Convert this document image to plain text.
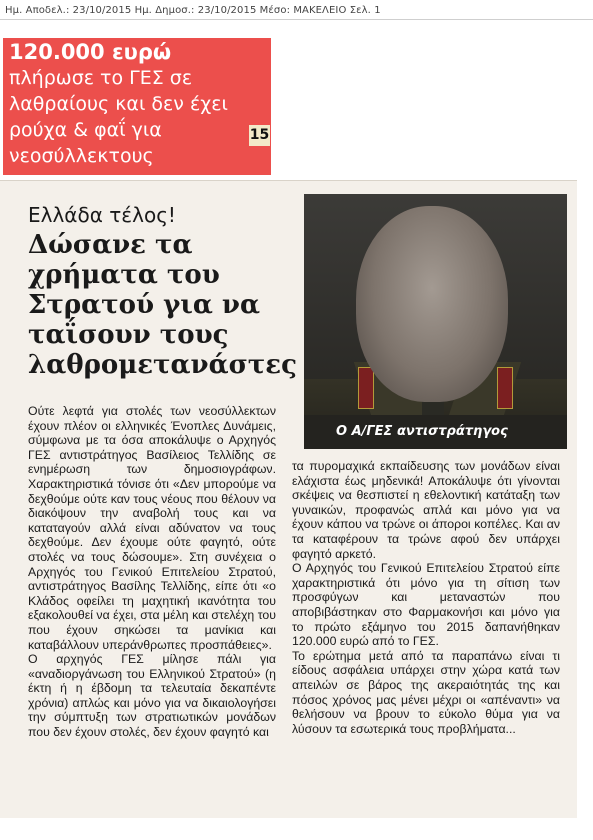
Ημ. Αποδελ.: 23/10/2015 Ημ. Δημοσ.: 23/10/2015 Μέσο: ΜΑΚΕΛΕΙΟ Σελ. 1
120.000 ευρώ
πλήρωσε το ΓΕΣ σε λαθραίους και δεν έχει ρούχα & φαΐ για νεοσύλλεκτους
15
Ελλάδα τέλος!
Δώσανε τα χρήματα του Στρατού για να ταΐσουν τους λαθρομετανάστες
Ο Α/ΓΕΣ αντιστράτηγος

Ούτε λεφτά για στολές των νεοσύλλεκτων έχουν πλέον οι ελληνικές Ένοπλες Δυνάμεις, σύμφωνα με τα όσα αποκάλυψε ο Αρχηγός ΓΕΣ αντιστράτηγος Βασίλειος Τελλίδης σε ενημέρωση των δημοσιογράφων. Χαρακτηριστικά τόνισε ότι «Δεν μπορούμε να δεχθούμε ούτε καν τους νέους που θέλουν να διακόψουν την αναβολή τους και να καταταγούν αλλά είναι αδύνατον να τους δεχθούμε. Δεν έχουμε ούτε φαγητό, ούτε στολές να τους δώσουμε». Στη συνέχεια ο Αρχηγός του Γενικού Επιτελείου Στρατού, αντιστράτηγος Βασίλης Τελλίδης, είπε ότι «ο Κλάδος οφείλει τη μαχητική ικανότητα του εξακολουθεί να έχει, στα μέλη και στελέχη του που έχουν σηκώσει τα μανίκια και καταβάλλουν υπεράνθρωπες προσπάθειες».

Ο αρχηγός ΓΕΣ μίλησε πάλι για «αναδιοργάνωση του Ελληνικού Στρατού» (η έκτη ή η έβδομη τα τελευταία δεκαπέντε χρόνια) απλώς και μόνο για να δικαιολογήσει την σύμπτυξη των στρατιωτικών μονάδων που δεν έχουν στολές, δεν έχουν φαγητό και

τα πυρομαχικά εκπαίδευσης των μονάδων είναι ελάχιστα έως μηδενικά! Αποκάλυψε ότι γίνονται σκέψεις να θεσπιστεί η εθελοντική κατάταξη των γυναικών, προφανώς απλά και μόνο για να έχουν κάπου να τρώνε οι άποροι κοπέλες. Και αν τα καταφέρουν τα τρώνε αφού δεν υπάρχει φαγητό αρκετό.

Ο Αρχηγός του Γενικού Επιτελείου Στρατού είπε χαρακτηριστικά ότι μόνο για τη σίτιση των προσφύγων και μεταναστών που αποβιβάστηκαν στο Φαρμακονήσι και μόνο για το πρώτο εξάμηνο του 2015 δαπανήθηκαν 120.000 ευρώ από το ΓΕΣ.

Το ερώτημα μετά από τα παραπάνω είναι τι είδους ασφάλεια υπάρχει στην χώρα κατά των απειλών σε βάρος της ακεραιότητάς της και πόσος χρόνος μας μένει μέχρι οι «απέναντι» να θελήσουν να βρουν το εύκολο θύμα για να λύσουν τα εσωτερικά τους προβλήματα...
